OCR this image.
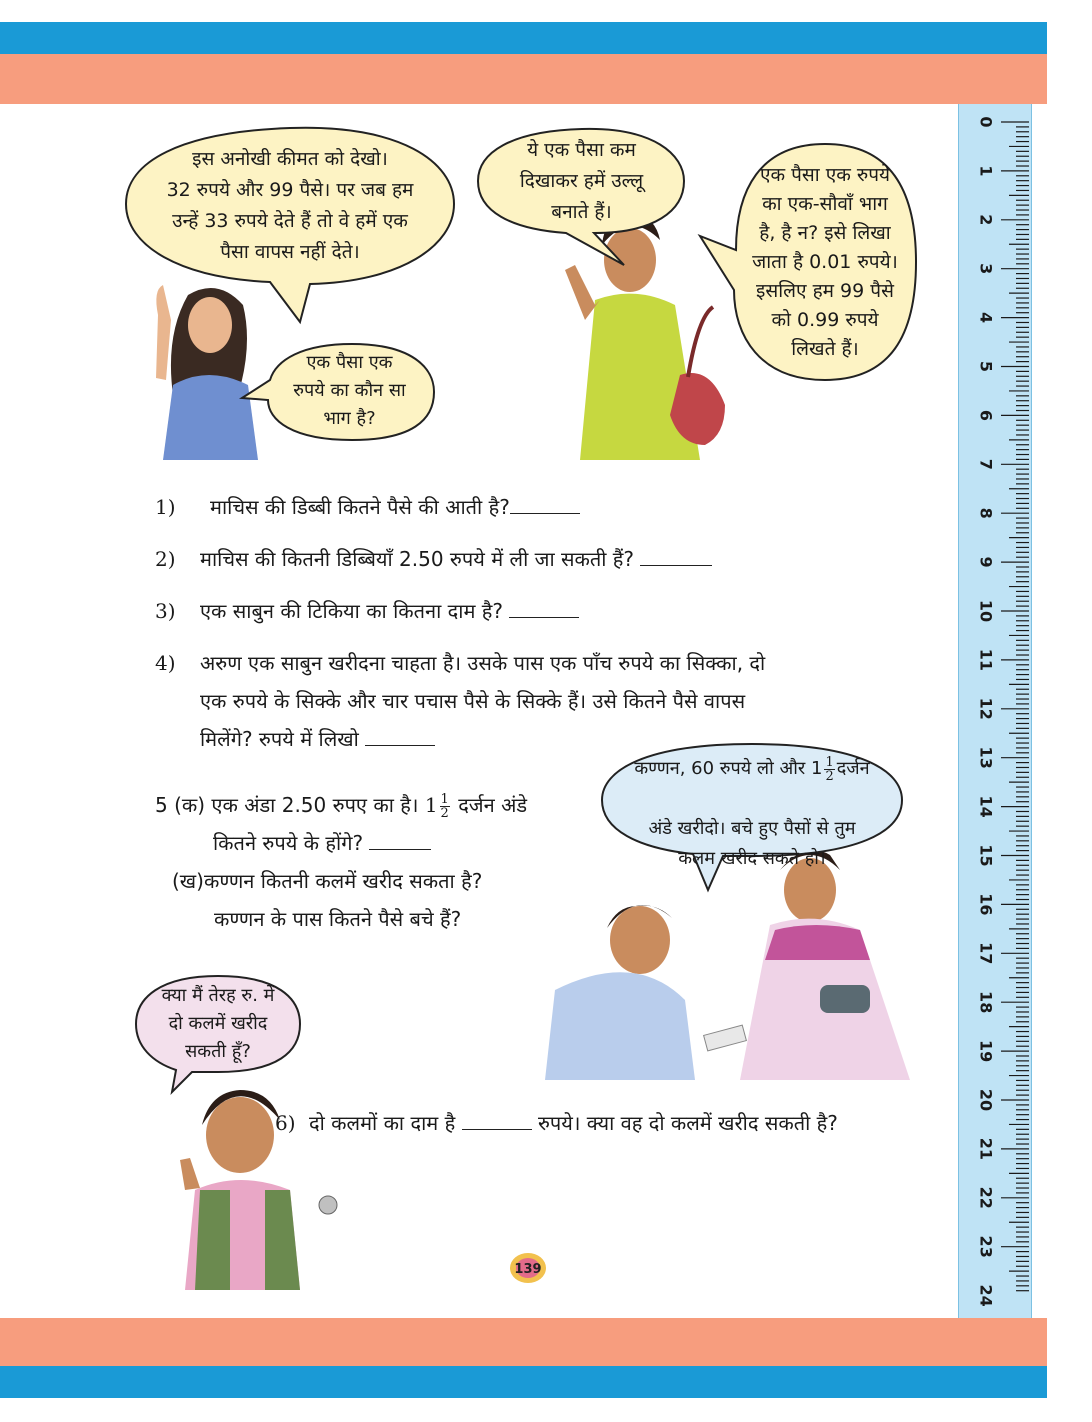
0
1
2
3
4
5
6
7
8
9
10
11
12
13
14
15
16
17
18
19
20
21
22
23
24
इस अनोखी कीमत को देखो।
32 रुपये और 99 पैसे। पर जब हम
उन्हें 33 रुपये देते हैं तो वे हमें एक
पैसा वापस नहीं देते।
ये एक पैसा कम
दिखाकर हमें उल्लू
बनाते हैं।
एक पैसा एक रुपये
का एक-सौवाँ भाग
है, है न? इसे लिखा
जाता है 0.01 रुपये।
इसलिए हम 99 पैसे
को 0.99 रुपये
लिखते हैं।
एक पैसा एक
रुपये का कौन सा
भाग है?

कण्णन, 60 रुपये लो और $1 \frac{1}{2}$ दर्जन

अंडे खरीदो। बचे हुए पैसों से तुम
कलम खरीद सकते हो।

क्या मैं तेरह रु. में
दो कलमें खरीद
सकती हूँ?
1) माचिस की डिब्बी कितने पैसे की आती है?
2) माचिस की कितनी डिब्बियाँ 2.50 रुपये में ली जा सकती हैं?
3) एक साबुन की टिकिया का कितना दाम है?
4)	अरुण एक साबुन खरीदना चाहता है। उसके पास एक पाँच रुपये का सिक्का, दो
एक रुपये के सिक्के और चार पचास पैसे के सिक्के हैं। उसे कितने पैसे वापस
मिलेंगे? रुपये में लिखो
5 (क) एक अंडा 2.50 रुपए का है। $1 \frac{1}{2}$ दर्जन अंडे
कितने रुपये के होंगे?
(ख)कण्णन कितनी कलमें खरीद सकता है?
कण्णन के पास कितने पैसे बचे हैं?
6) दो कलमों का दाम है	रुपये। क्या वह दो कलमें खरीद सकती है?
139
